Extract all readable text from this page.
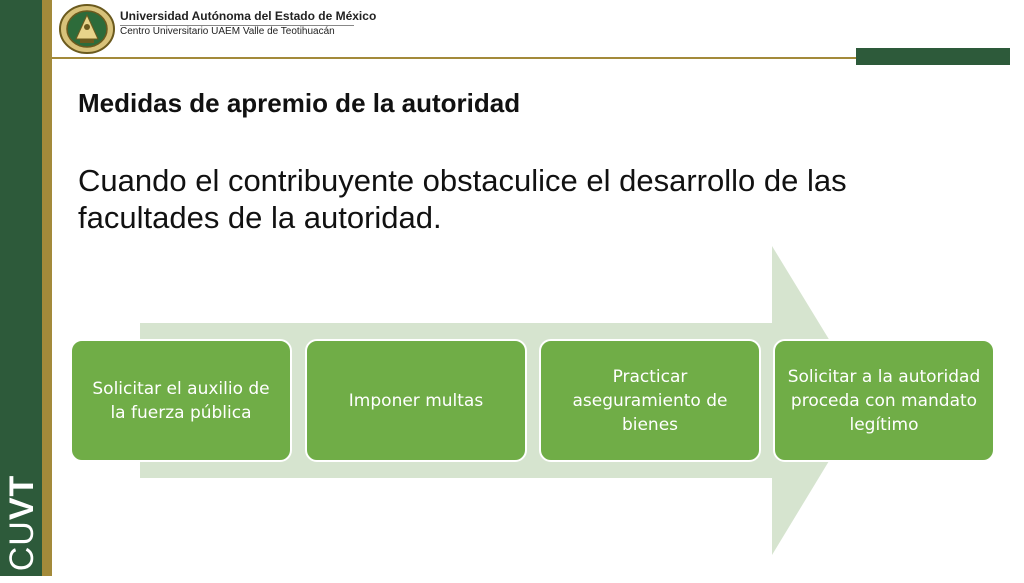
CUVT
Universidad Autónoma del Estado de México
Centro Universitario UAEM Valle de Teotihuacán
Medidas de apremio de la autoridad

Cuando el contribuyente obstaculice el desarrollo de las facultades de la autoridad.

Solicitar el auxilio de la fuerza pública
Imponer multas
Practicar aseguramiento de bienes
Solicitar a la autoridad proceda con mandato legítimo
